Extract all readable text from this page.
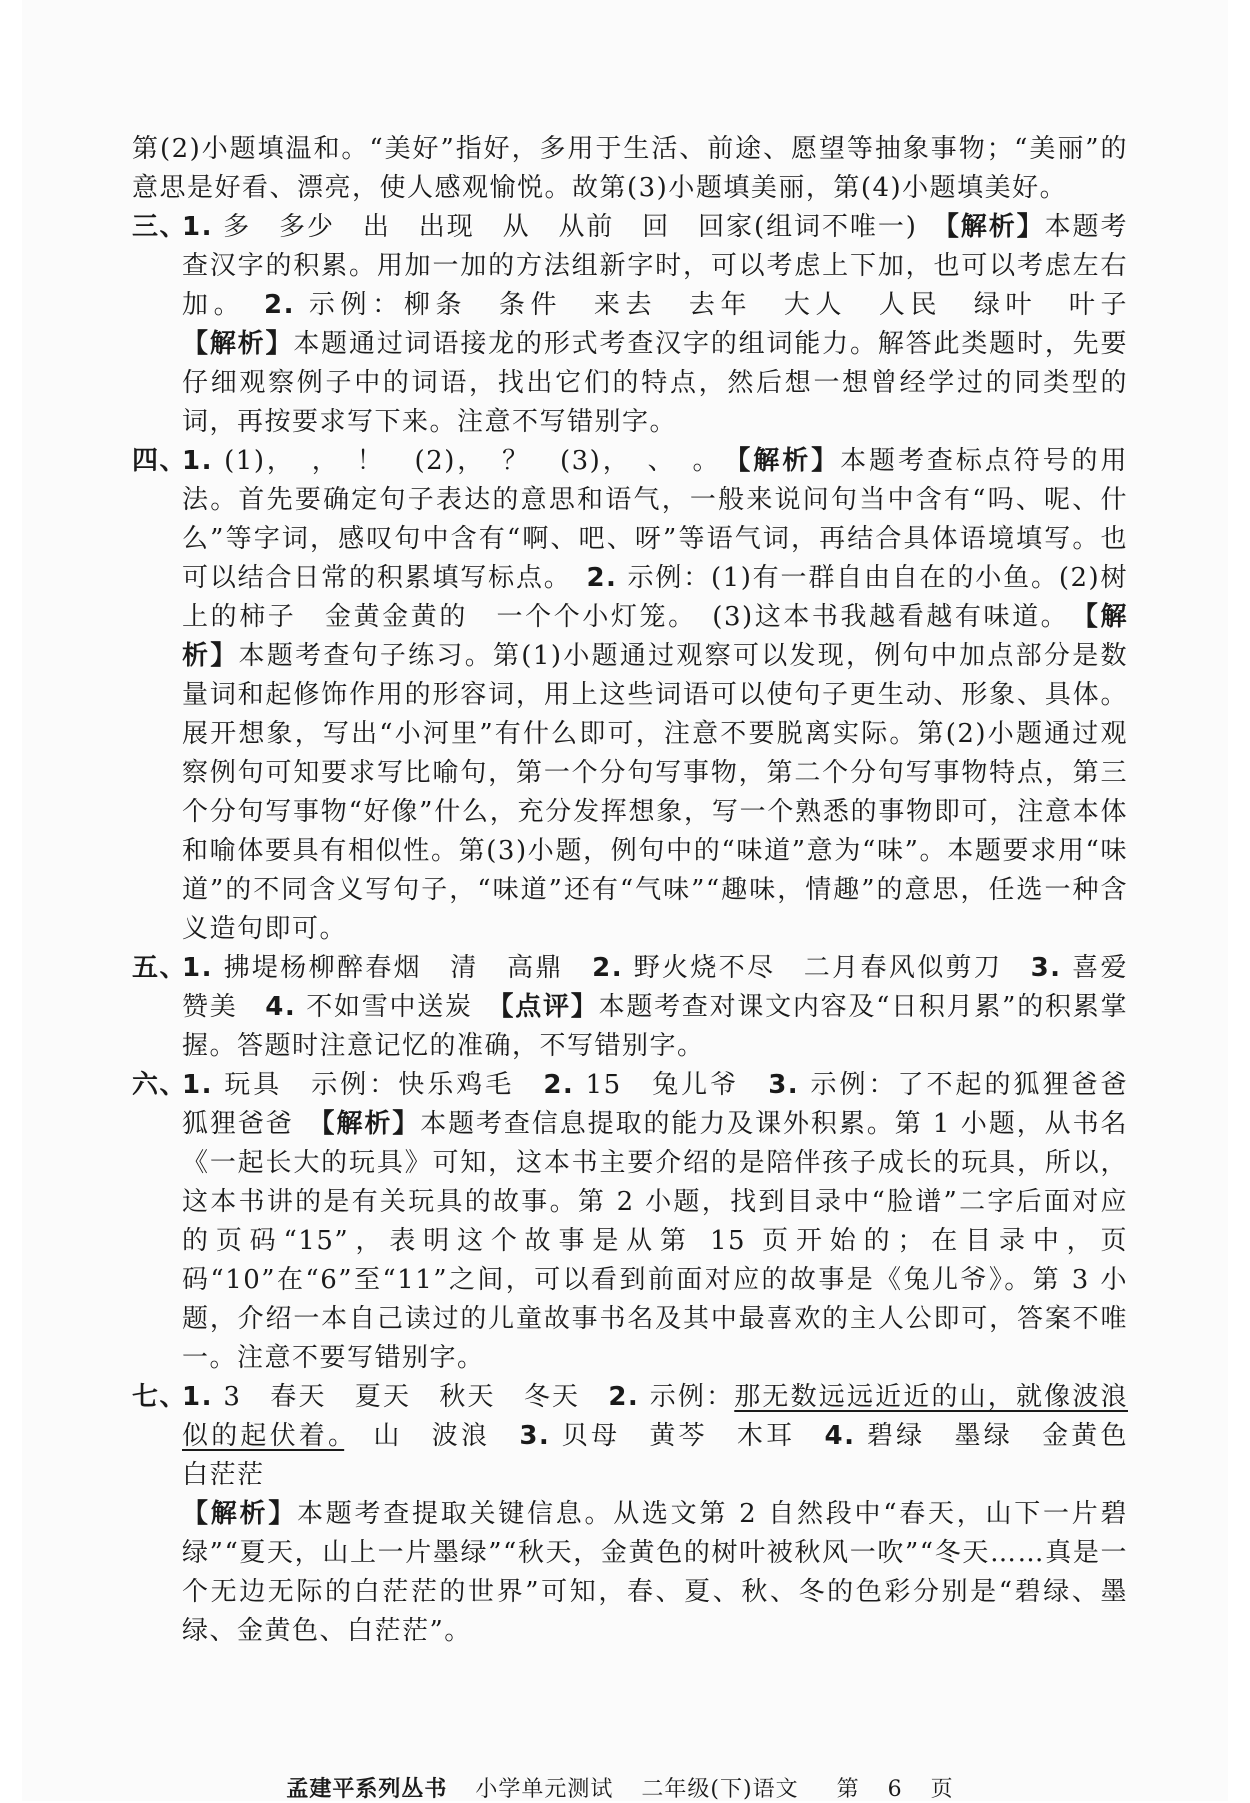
第(2)小题填温和。“美好”指好，多用于生活、前途、愿望等抽象事物；“美丽”的意思是好看、漂亮，使人感观愉悦。故第(3)小题填美丽，第(4)小题填美好。

三、
1. 多　多少　出　出现　从　从前　回　回家(组词不唯一)　【解析】本题考查汉字的积累。用加一加的方法组新字时，可以考虑上下加，也可以考虑左右加。　2. 示例：柳条　条件　来去　去年　大人　人民　绿叶　叶子　【解析】本题通过词语接龙的形式考查汉字的组词能力。解答此类题时，先要仔细观察例子中的词语，找出它们的特点，然后想一想曾经学过的同类型的词，再按要求写下来。注意不写错别字。
四、
1. (1)，　，　！　(2)，　？　(3)，　、　。　【解析】本题考查标点符号的用法。首先要确定句子表达的意思和语气，一般来说问句当中含有“吗、呢、什么”等字词，感叹句中含有“啊、吧、呀”等语气词，再结合具体语境填写。也可以结合日常的积累填写标点。　2. 示例：(1)有一群自由自在的小鱼。(2)树上的柿子　金黄金黄的　一个个小灯笼。　(3)这本书我越看越有味道。　【解析】本题考查句子练习。第(1)小题通过观察可以发现，例句中加点部分是数量词和起修饰作用的形容词，用上这些词语可以使句子更生动、形象、具体。展开想象，写出“小河里”有什么即可，注意不要脱离实际。第(2)小题通过观察例句可知要求写比喻句，第一个分句写事物，第二个分句写事物特点，第三个分句写事物“好像”什么，充分发挥想象，写一个熟悉的事物即可，注意本体和喻体要具有相似性。第(3)小题，例句中的“味道”意为“味”。本题要求用“味道”的不同含义写句子，“味道”还有“气味”“趣味，情趣”的意思，任选一种含义造句即可。
五、
1. 拂堤杨柳醉春烟　清　高鼎　2. 野火烧不尽　二月春风似剪刀　3. 喜爱　赞美　4. 不如雪中送炭　【点评】本题考查对课文内容及“日积月累”的积累掌握。答题时注意记忆的准确，不写错别字。
六、
1. 玩具　示例：快乐鸡毛　2. 15　兔儿爷　3. 示例：了不起的狐狸爸爸　狐狸爸爸　【解析】本题考查信息提取的能力及课外积累。第 1 小题，从书名《一起长大的玩具》可知，这本书主要介绍的是陪伴孩子成长的玩具，所以，这本书讲的是有关玩具的故事。第 2 小题，找到目录中“脸谱”二字后面对应的页码“15”，表明这个故事是从第 15 页开始的；在目录中，页码“10”在“6”至“11”之间，可以看到前面对应的故事是《兔儿爷》。第 3 小题，介绍一本自己读过的儿童故事书名及其中最喜欢的主人公即可，答案不唯一。注意不要写错别字。
七、
1. 3　春天　夏天　秋天　冬天　2. 示例：那无数远远近近的山，就像波浪似的起伏着。　山　波浪　3. 贝母　黄芩　木耳　4. 碧绿　墨绿　金黄色　白茫茫
【解析】本题考查提取关键信息。从选文第 2 自然段中“春天，山下一片碧绿”“夏天，山上一片墨绿”“秋天，金黄色的树叶被秋风一吹”“冬天……真是一个无边无际的白茫茫的世界”可知，春、夏、秋、冬的色彩分别是“碧绿、墨绿、金黄色、白茫茫”。
孟建平系列丛书 小学单元测试 二年级(下)语文 第 6 页
